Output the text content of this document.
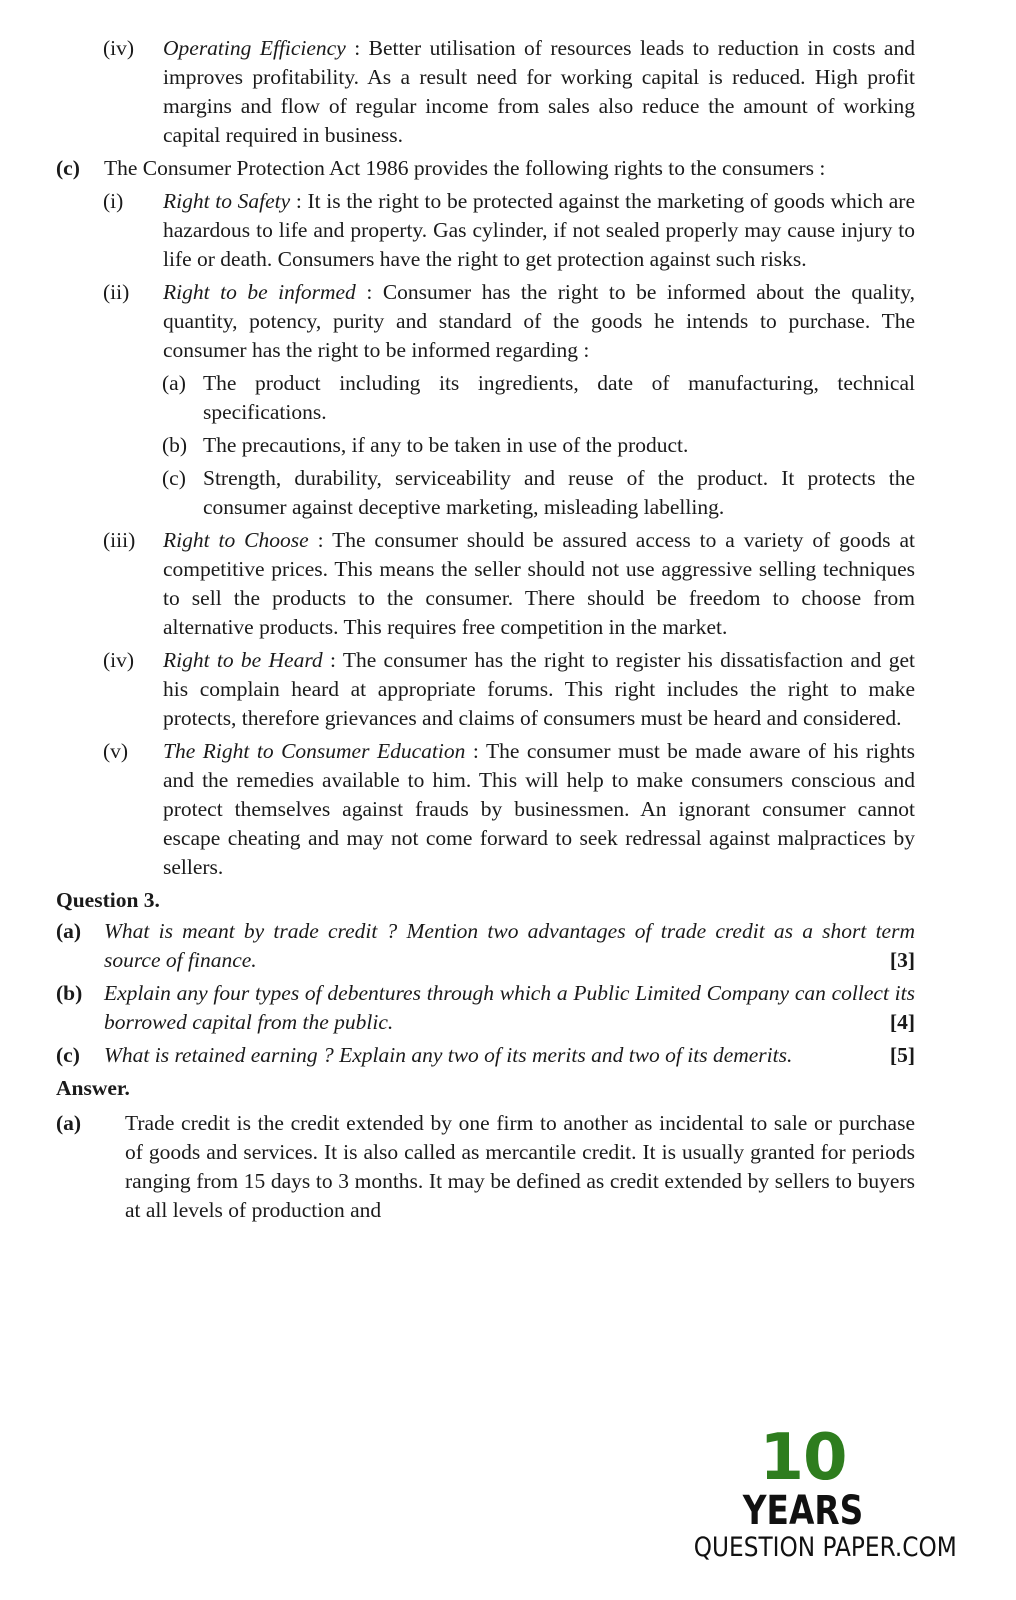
(iv) Operating Efficiency : Better utilisation of resources leads to reduction in costs and improves profitability. As a result need for working capital is reduced. High profit margins and flow of regular income from sales also reduce the amount of working capital required in business.
(c) The Consumer Protection Act 1986 provides the following rights to the consumers :
(i) Right to Safety : It is the right to be protected against the marketing of goods which are hazardous to life and property. Gas cylinder, if not sealed properly may cause injury to life or death. Consumers have the right to get protection against such risks.
(ii) Right to be informed : Consumer has the right to be informed about the quality, quantity, potency, purity and standard of the goods he intends to purchase. The consumer has the right to be informed regarding :
(a) The product including its ingredients, date of manufacturing, technical specifications.
(b) The precautions, if any to be taken in use of the product.
(c) Strength, durability, serviceability and reuse of the product. It protects the consumer against deceptive marketing, misleading labelling.
(iii) Right to Choose : The consumer should be assured access to a variety of goods at competitive prices. This means the seller should not use aggressive selling techniques to sell the products to the consumer. There should be freedom to choose from alternative products. This requires free competition in the market.
(iv) Right to be Heard : The consumer has the right to register his dissatisfaction and get his complain heard at appropriate forums. This right includes the right to make protects, therefore grievances and claims of consumers must be heard and considered.
(v) The Right to Consumer Education : The consumer must be made aware of his rights and the remedies available to him. This will help to make consumers conscious and protect themselves against frauds by businessmen. An ignorant consumer cannot escape cheating and may not come forward to seek redressal against malpractices by sellers.
Question 3.
(a) What is meant by trade credit ? Mention two advantages of trade credit as a short term source of finance.	[3]
(b) Explain any four types of debentures through which a Public Limited Company can collect its borrowed capital from the public.	[4]
(c) What is retained earning ? Explain any two of its merits and two of its demerits.	[5]
Answer.
(a) Trade credit is the credit extended by one firm to another as incidental to sale or purchase of goods and services. It is also called as mercantile credit. It is usually granted for periods ranging from 15 days to 3 months. It may be defined as credit extended by sellers to buyers at all levels of production and
10
YEARS
QUESTION PAPER.COM
